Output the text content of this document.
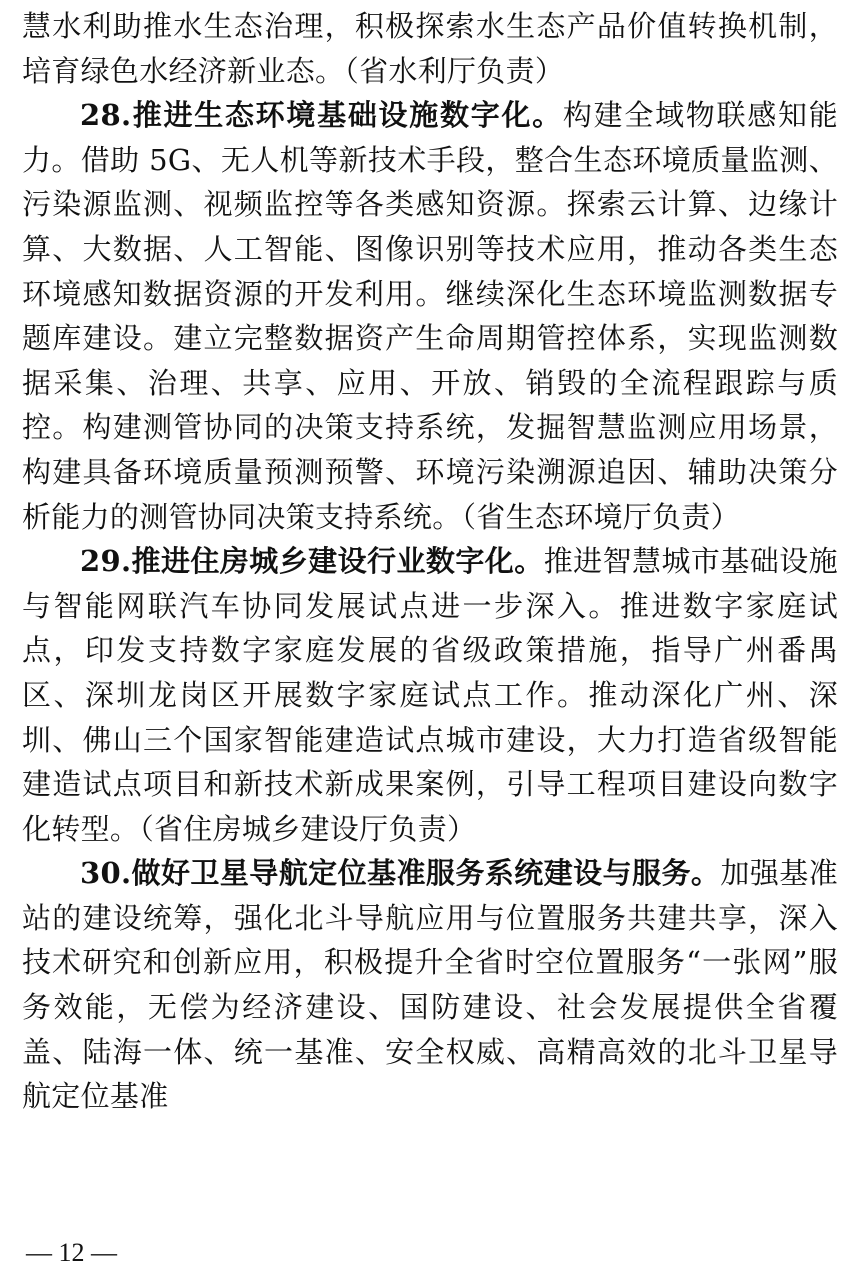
慧水利助推水生态治理，积极探索水生态产品价值转换机制，培育绿色水经济新业态。（省水利厅负责）

28.推进生态环境基础设施数字化。构建全域物联感知能力。借助 5G、无人机等新技术手段，整合生态环境质量监测、污染源监测、视频监控等各类感知资源。探索云计算、边缘计算、大数据、人工智能、图像识别等技术应用，推动各类生态环境感知数据资源的开发利用。继续深化生态环境监测数据专题库建设。建立完整数据资产生命周期管控体系，实现监测数据采集、治理、共享、应用、开放、销毁的全流程跟踪与质控。构建测管协同的决策支持系统，发掘智慧监测应用场景，构建具备环境质量预测预警、环境污染溯源追因、辅助决策分析能力的测管协同决策支持系统。（省生态环境厅负责）

29.推进住房城乡建设行业数字化。推进智慧城市基础设施与智能网联汽车协同发展试点进一步深入。推进数字家庭试点，印发支持数字家庭发展的省级政策措施，指导广州番禺区、深圳龙岗区开展数字家庭试点工作。推动深化广州、深圳、佛山三个国家智能建造试点城市建设，大力打造省级智能建造试点项目和新技术新成果案例，引导工程项目建设向数字化转型。（省住房城乡建设厅负责）

30.做好卫星导航定位基准服务系统建设与服务。加强基准站的建设统筹，强化北斗导航应用与位置服务共建共享，深入技术研究和创新应用，积极提升全省时空位置服务“一张网”服务效能，无偿为经济建设、国防建设、社会发展提供全省覆盖、陆海一体、统一基准、安全权威、高精高效的北斗卫星导航定位基准

— 12 —
